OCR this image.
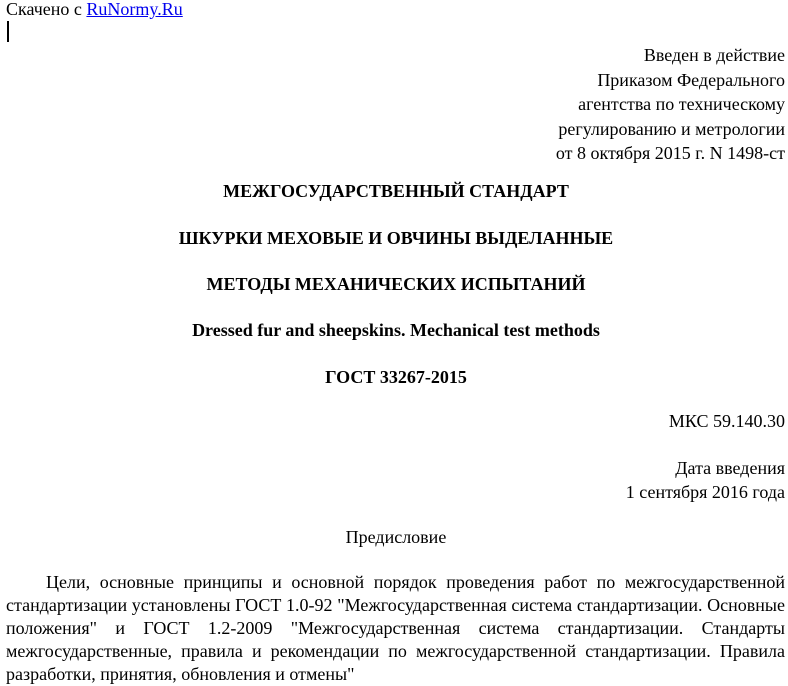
Скачено с RuNormy.Ru
Введен в действие
Приказом Федерального
агентства по техническому
регулированию и метрологии
от 8 октября 2015 г. N 1498-ст
МЕЖГОСУДАРСТВЕННЫЙ СТАНДАРТ
ШКУРКИ МЕХОВЫЕ И ОВЧИНЫ ВЫДЕЛАННЫЕ
МЕТОДЫ МЕХАНИЧЕСКИХ ИСПЫТАНИЙ
Dressed fur and sheepskins. Mechanical test methods
ГОСТ 33267-2015
МКС 59.140.30
Дата введения
1 сентября 2016 года
Предисловие
Цели, основные принципы и основной порядок проведения работ по межгосударственной стандартизации установлены ГОСТ 1.0-92 "Межгосударственная система стандартизации. Основные положения" и ГОСТ 1.2-2009 "Межгосударственная система стандартизации. Стандарты межгосударственные, правила и рекомендации по межгосударственной стандартизации. Правила разработки, принятия, обновления и отмены"
